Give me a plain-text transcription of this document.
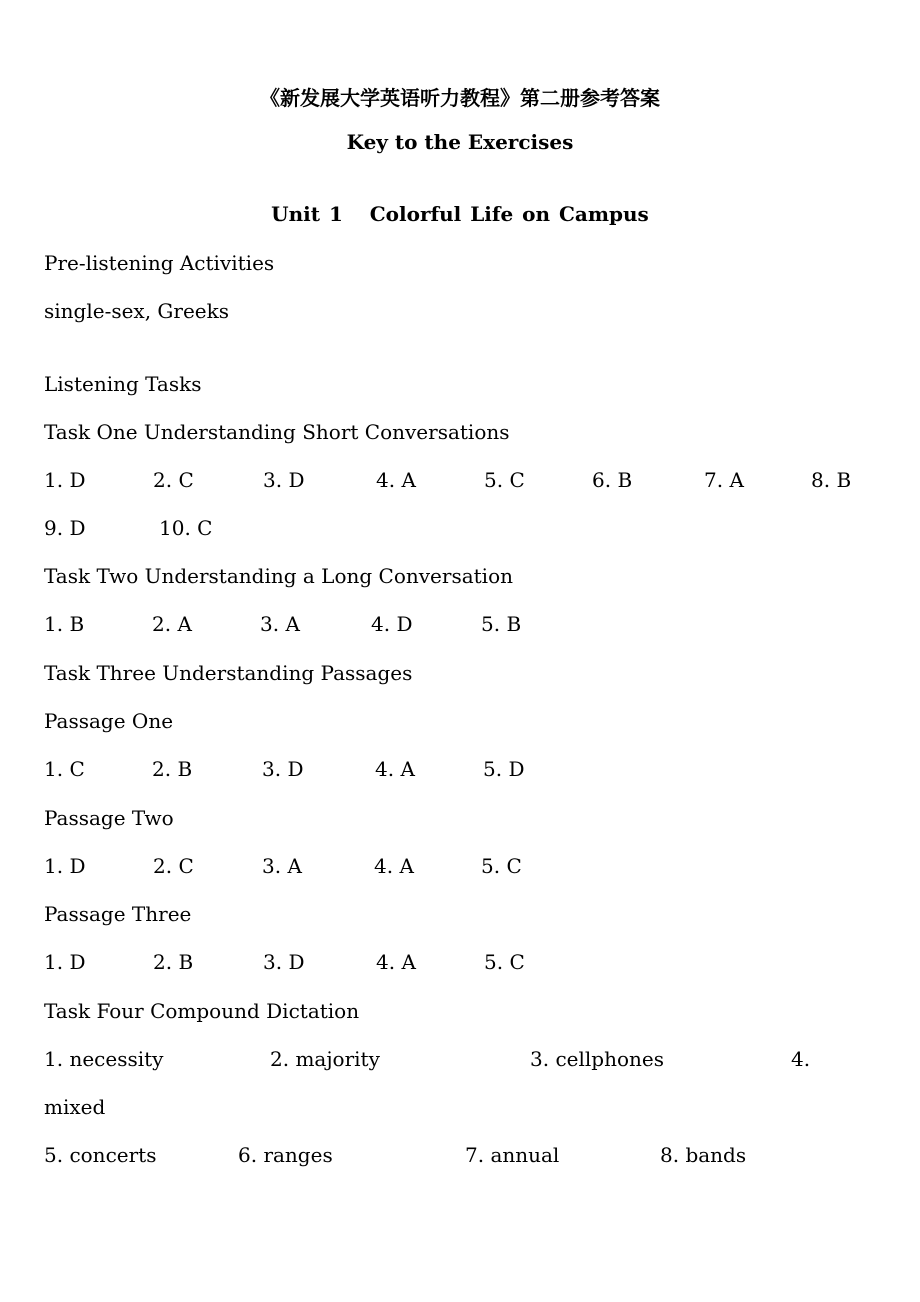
《新发展大学英语听力教程》第二册参考答案
Key to the Exercises
Unit 1   Colorful Life on Campus
Pre-listening Activities
single-sex, Greeks
Listening Tasks
Task One Understanding Short Conversations
1. D	2. C	3. D	4. A	5. C	6. B	7. A	8. B
9. D	10. C
Task Two Understanding a Long Conversation
1. B	2. A	3. A	4. D	5. B
Task Three Understanding Passages
Passage One
1. C	2. B	3. D	4. A	5. D
Passage Two
1. D	2. C	3. A	4. A	5. C
Passage Three
1. D	2. B	3. D	4. A	5. C
Task Four Compound Dictation
1. necessity	2. majority	3. cellphones	4.
mixed
5. concerts	6. ranges	7. annual	8. bands
